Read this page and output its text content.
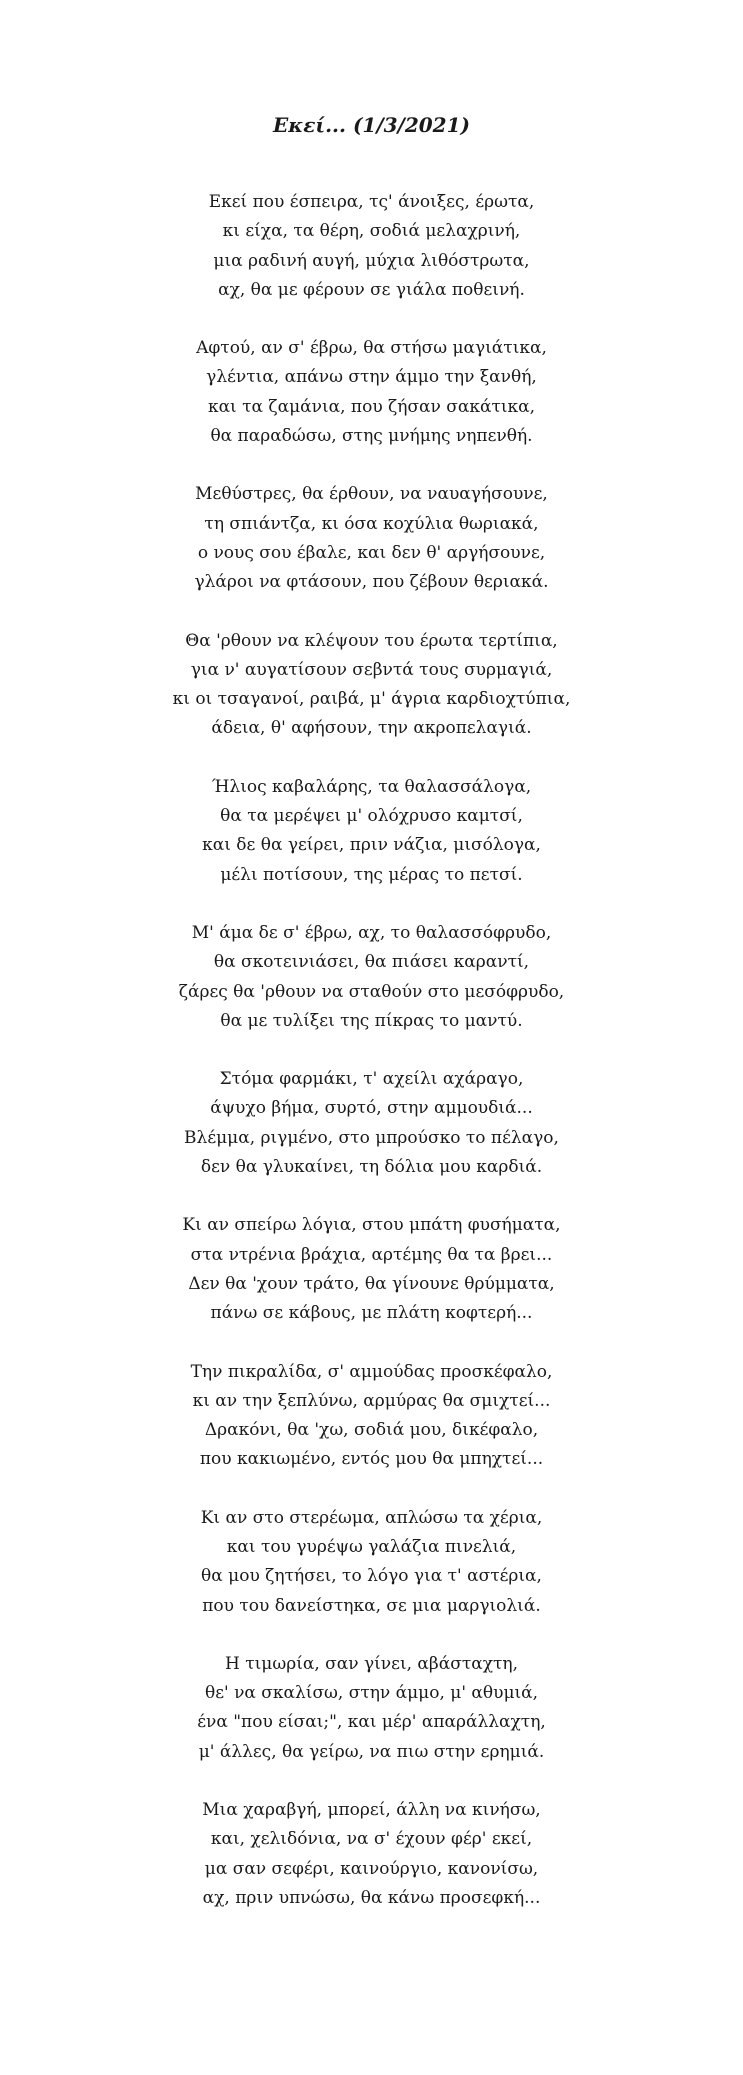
Εκεί... (1/3/2021)
Εκεί που έσπειρα, τς' άνοιξες, έρωτα,
κι είχα, τα θέρη, σοδιά μελαχρινή,
μια ραδινή αυγή, μύχια λιθόστρωτα,
αχ, θα με φέρουν σε γιάλα ποθεινή.
Αφτού, αν σ' έβρω, θα στήσω μαγιάτικα,
γλέντια, απάνω στην άμμο την ξανθή,
και τα ζαμάνια, που ζήσαν σακάτικα,
θα παραδώσω, στης μνήμης νηπενθή.
Μεθύστρες, θα έρθουν, να ναυαγήσουνε,
τη σπιάντζα, κι όσα κοχύλια θωριακά,
ο νους σου έβαλε, και δεν θ' αργήσουνε,
γλάροι να φτάσουν, που ζέβουν θεριακά.
Θα 'ρθουν να κλέψουν του έρωτα τερτίπια,
για ν' αυγατίσουν σεβντά τους συρμαγιά,
κι οι τσαγανοί, ραιβά, μ' άγρια καρδιοχτύπια,
άδεια, θ' αφήσουν, την ακροπελαγιά.
Ήλιος καβαλάρης, τα θαλασσάλογα,
θα τα μερέψει μ' ολόχρυσο καμτσί,
και δε θα γείρει, πριν νάζια, μισόλογα,
μέλι ποτίσουν, της μέρας το πετσί.
Μ' άμα δε σ' έβρω, αχ, το θαλασσόφρυδο,
θα σκοτεινιάσει, θα πιάσει καραντί,
ζάρες θα 'ρθουν να σταθούν στο μεσόφρυδο,
θα με τυλίξει της πίκρας το μαντύ.
Στόμα φαρμάκι, τ' αχείλι αχάραγο,
άψυχο βήμα, συρτό, στην αμμουδιά...
Βλέμμα, ριγμένο, στο μπρούσκο το πέλαγο,
δεν θα γλυκαίνει, τη δόλια μου καρδιά.
Κι αν σπείρω λόγια, στου μπάτη φυσήματα,
στα ντρένια βράχια, αρτέμης θα τα βρει...
Δεν θα 'χουν τράτο, θα γίνουνε θρύμματα,
πάνω σε κάβους, με πλάτη κοφτερή...
Την πικραλίδα, σ' αμμούδας προσκέφαλο,
κι αν την ξεπλύνω, αρμύρας θα σμιχτεί...
Δρακόνι, θα 'χω, σοδιά μου, δικέφαλο,
που κακιωμένο, εντός μου θα μπηχτεί...
Κι αν στο στερέωμα, απλώσω τα χέρια,
και του γυρέψω γαλάζια πινελιά,
θα μου ζητήσει, το λόγο για τ' αστέρια,
που του δανείστηκα, σε μια μαργιολιά.
Η τιμωρία, σαν γίνει, αβάσταχτη,
θε' να σκαλίσω, στην άμμο, μ' αθυμιά,
ένα "που είσαι;", και μέρ' απαράλλαχτη,
μ' άλλες, θα γείρω, να πιω στην ερημιά.
Μια χαραβγή, μπορεί, άλλη να κινήσω,
και, χελιδόνια, να σ' έχουν φέρ' εκεί,
μα σαν σεφέρι, καινούργιο, κανονίσω,
αχ, πριν υπνώσω, θα κάνω προσεφκή...
